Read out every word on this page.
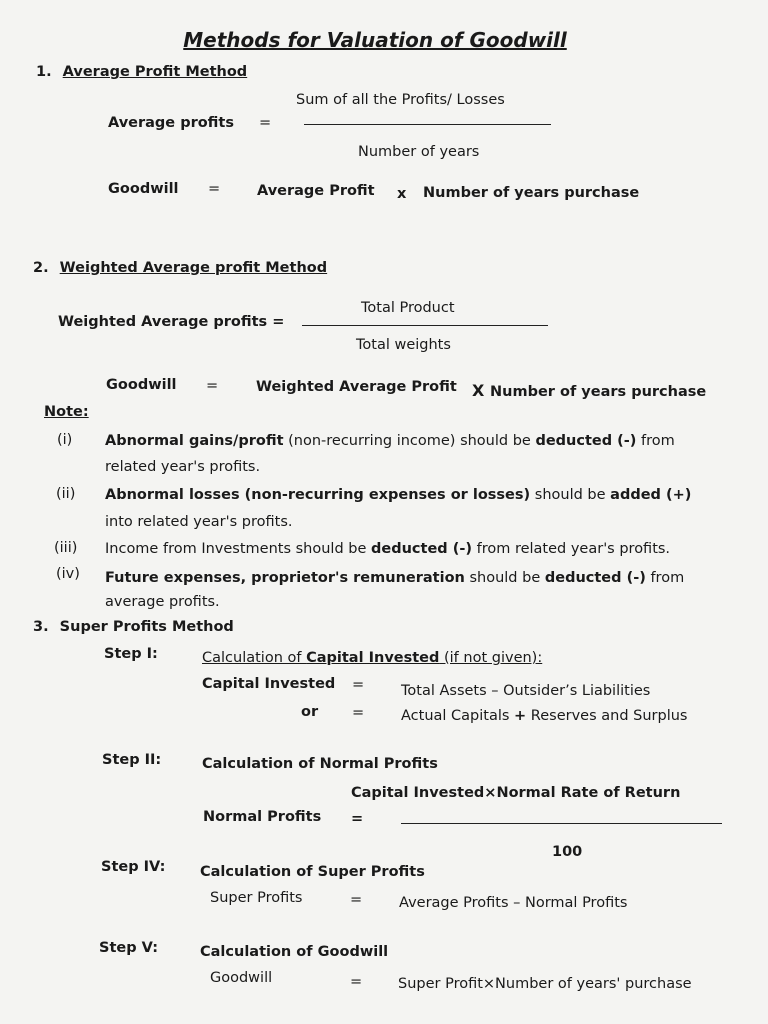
Methods for Valuation of Goodwill
1. Average Profit Method
Sum of all the Profits/ Losses
Average profits =
Number of years
Goodwill =	Average Profit x Number of years purchase
2. Weighted Average profit Method
Total Product
Weighted Average profits =
Total weights
Goodwill =	Weighted Average Profit X Number of years purchase
Note:
(i) Abnormal gains/profit (non-recurring income) should be deducted (-) from
related year's profits.
(ii) Abnormal losses (non-recurring expenses or losses) should be added (+)
into related year's profits.
(iii) Income from Investments should be deducted (-) from related year's profits.
(iv) Future expenses, proprietor's remuneration should be deducted (-) from
average profits.
3. Super Profits Method
Step I:	Calculation of Capital Invested (if not given):
Capital Invested =	Total Assets – Outsider’s Liabilities
or =	Actual Capitals + Reserves and Surplus
Step II:	Calculation of Normal Profits
Capital Invested×Normal Rate of Return
Normal Profits =
100
Step IV: Calculation of Super Profits
Super Profits	=	Average Profits – Normal Profits
Step V:	Calculation of Goodwill
Goodwill	= Super Profit×Number of years' purchase
